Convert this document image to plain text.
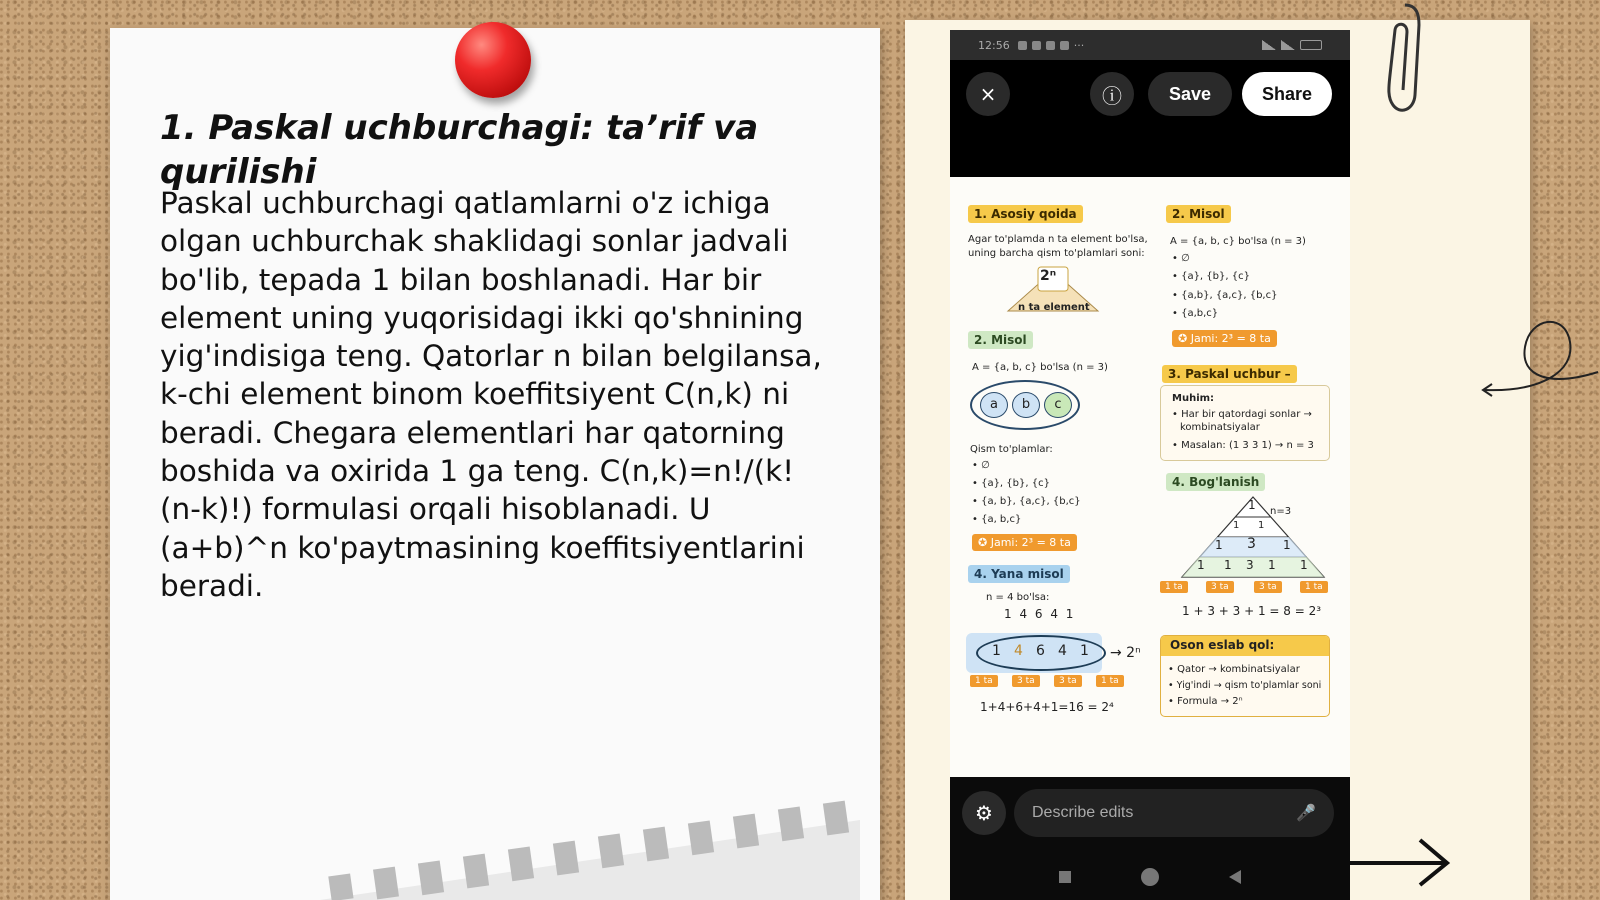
1. Paskal uchburchagi: ta’rif va qurilishi
Paskal uchburchagi qatlamlarni o'z ichiga olgan uchburchak shaklidagi sonlar jadvali bo'lib, tepada 1 bilan boshlanadi. Har bir element uning yuqorisidagi ikki qo'shnining yig'indisiga teng. Qatorlar n bilan belgilansa, k-chi element binom koeffitsiyent C(n,k) ni beradi. Chegara elementlari har qatorning boshida va oxirida 1 ga teng. C(n,k)=n!/(k!(n-k)!) formulasi orqali hisoblanadi. U (a+b)^n ko'paytmasining koeffitsiyentlarini beradi.
12:56	···
×	ⓘ	Save	Share
1. Asosiy qoida
Agar to'plamda n ta element bo'lsa,
uning barcha qism to'plamlari soni:
2ⁿ
n ta element
2. Misol
A = {a, b, c} bo'lsa (n = 3)
• ∅
• {a}, {b}, {c}
• {a,b}, {a,c}, {b,c}
• {a,b,c}
✪ Jami: 2³ = 8 ta
2. Misol
A = {a, b, c} bo'lsa (n = 3)
a	b	c
Qism to'plamlar:
• ∅
• {a}, {b}, {c}
• {a, b}, {a,c}, {b,c}
• {a, b,c}
✪ Jami: 2³ = 8 ta
3. Paskal uchbur –
Muhim:
• Har bir qatordagi sonlar →
kombinatsiyalar
• Masalan: (1 3 3 1) → n = 3
4. Bog'lanish
1 n=3
1 1
1 3 1
1 1 3 1 1
1 ta	3 ta	3 ta	1 ta
1 + 3 + 3 + 1 = 8 = 2³
4. Yana misol
n = 4 bo'lsa:
1 4 6 4 1
1 4 6 4 1 → 2ⁿ
1 ta	3 ta	3 ta	1 ta
1+4+6+4+1=16 = 2⁴
Oson eslab qol:
• Qator → kombinatsiyalar
• Yig'indi → qism to'plamlar soni
• Formula → 2ⁿ
⚙ Describe edits	🎤
